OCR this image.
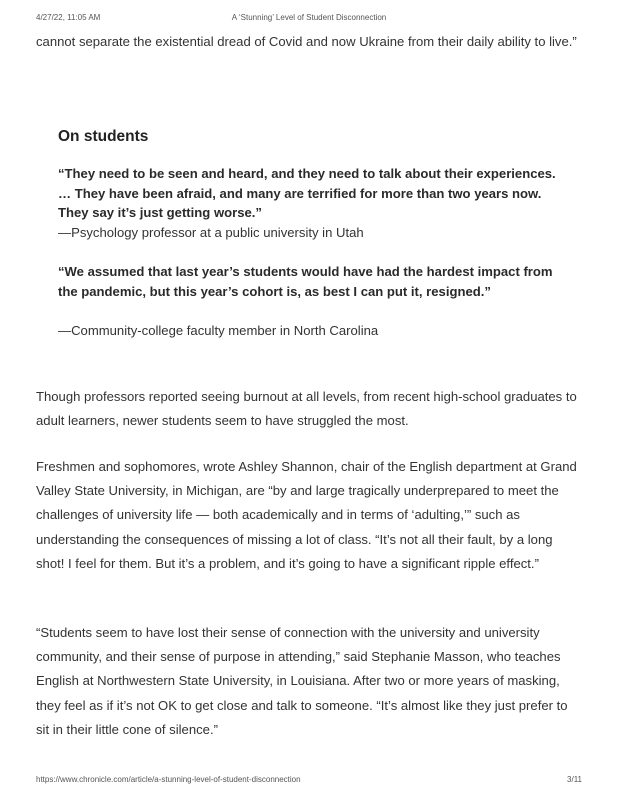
4/27/22, 11:05 AM	A ‘Stunning’ Level of Student Disconnection
cannot separate the existential dread of Covid and now Ukraine from their daily ability to live.”
On students
“They need to be seen and heard, and they need to talk about their experiences. … They have been afraid, and many are terrified for more than two years now. They say it’s just getting worse.”
—Psychology professor at a public university in Utah
“We assumed that last year’s students would have had the hardest impact from the pandemic, but this year’s cohort is, as best I can put it, resigned.”
—Community-college faculty member in North Carolina
Though professors reported seeing burnout at all levels, from recent high-school graduates to adult learners, newer students seem to have struggled the most.
Freshmen and sophomores, wrote Ashley Shannon, chair of the English department at Grand Valley State University, in Michigan, are “by and large tragically underprepared to meet the challenges of university life — both academically and in terms of ‘adulting,’” such as understanding the consequences of missing a lot of class. “It’s not all their fault, by a long shot! I feel for them. But it’s a problem, and it’s going to have a significant ripple effect.”
“Students seem to have lost their sense of connection with the university and university community, and their sense of purpose in attending,” said Stephanie Masson, who teaches English at Northwestern State University, in Louisiana. After two or more years of masking, they feel as if it’s not OK to get close and talk to someone. “It’s almost like they just prefer to sit in their little cone of silence.”
https://www.chronicle.com/article/a-stunning-level-of-student-disconnection	3/11
